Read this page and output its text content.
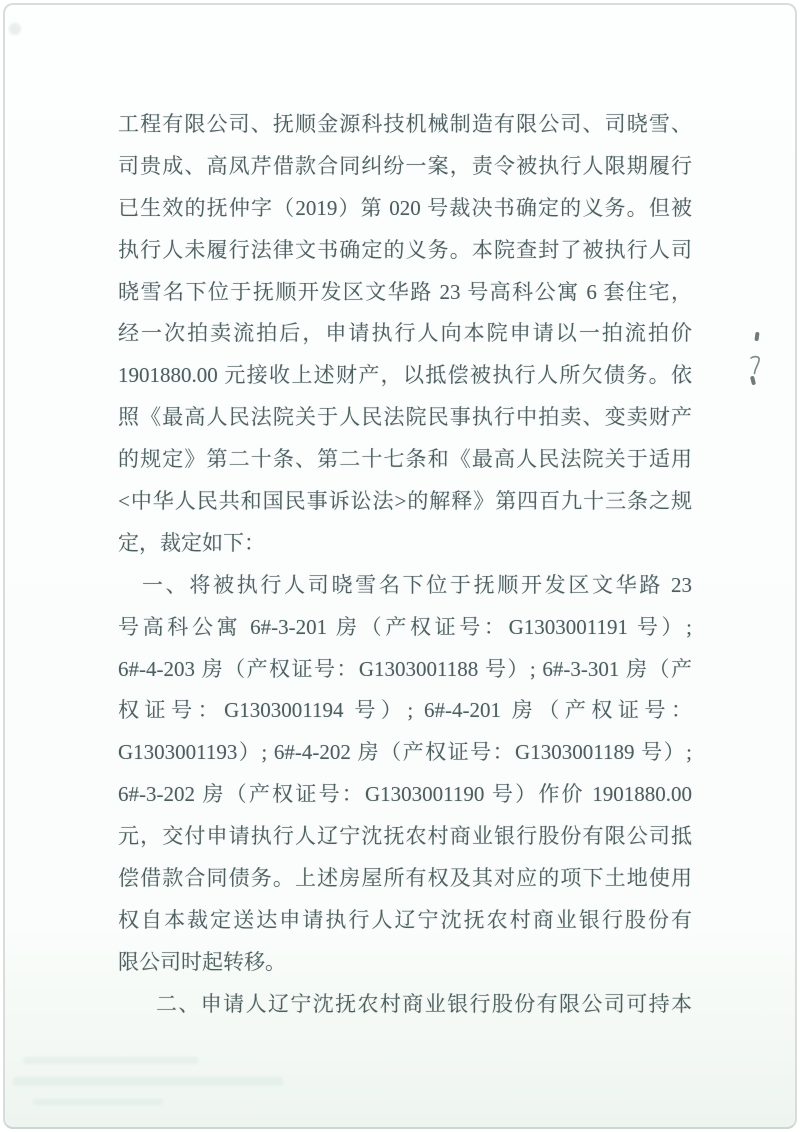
工程有限公司、抚顺金源科技机械制造有限公司、司晓雪、
司贵成、高凤芹借款合同纠纷一案，责令被执行人限期履行
已生效的抚仲字（2019）第 020 号裁决书确定的义务。但被
执行人未履行法律文书确定的义务。本院查封了被执行人司
晓雪名下位于抚顺开发区文华路 23 号高科公寓 6 套住宅，
经一次拍卖流拍后，申请执行人向本院申请以一拍流拍价
1901880.00 元接收上述财产，以抵偿被执行人所欠债务。依
照《最高人民法院关于人民法院民事执行中拍卖、变卖财产
的规定》第二十条、第二十七条和《最高人民法院关于适用
<中华人民共和国民事诉讼法>的解释》第四百九十三条之规
定，裁定如下：
一、将被执行人司晓雪名下位于抚顺开发区文华路 23
号高科公寓 6#-3-201 房（产权证号：G1303001191 号）;
6#-4-203 房（产权证号：G1303001188 号）; 6#-3-301 房（产
权证号：G1303001194 号）; 6#-4-201 房（产权证号：
G1303001193）; 6#-4-202 房（产权证号：G1303001189 号）;
6#-3-202 房（产权证号：G1303001190 号）作价 1901880.00
元，交付申请执行人辽宁沈抚农村商业银行股份有限公司抵
偿借款合同债务。上述房屋所有权及其对应的项下土地使用
权自本裁定送达申请执行人辽宁沈抚农村商业银行股份有
限公司时起转移。
二、申请人辽宁沈抚农村商业银行股份有限公司可持本
